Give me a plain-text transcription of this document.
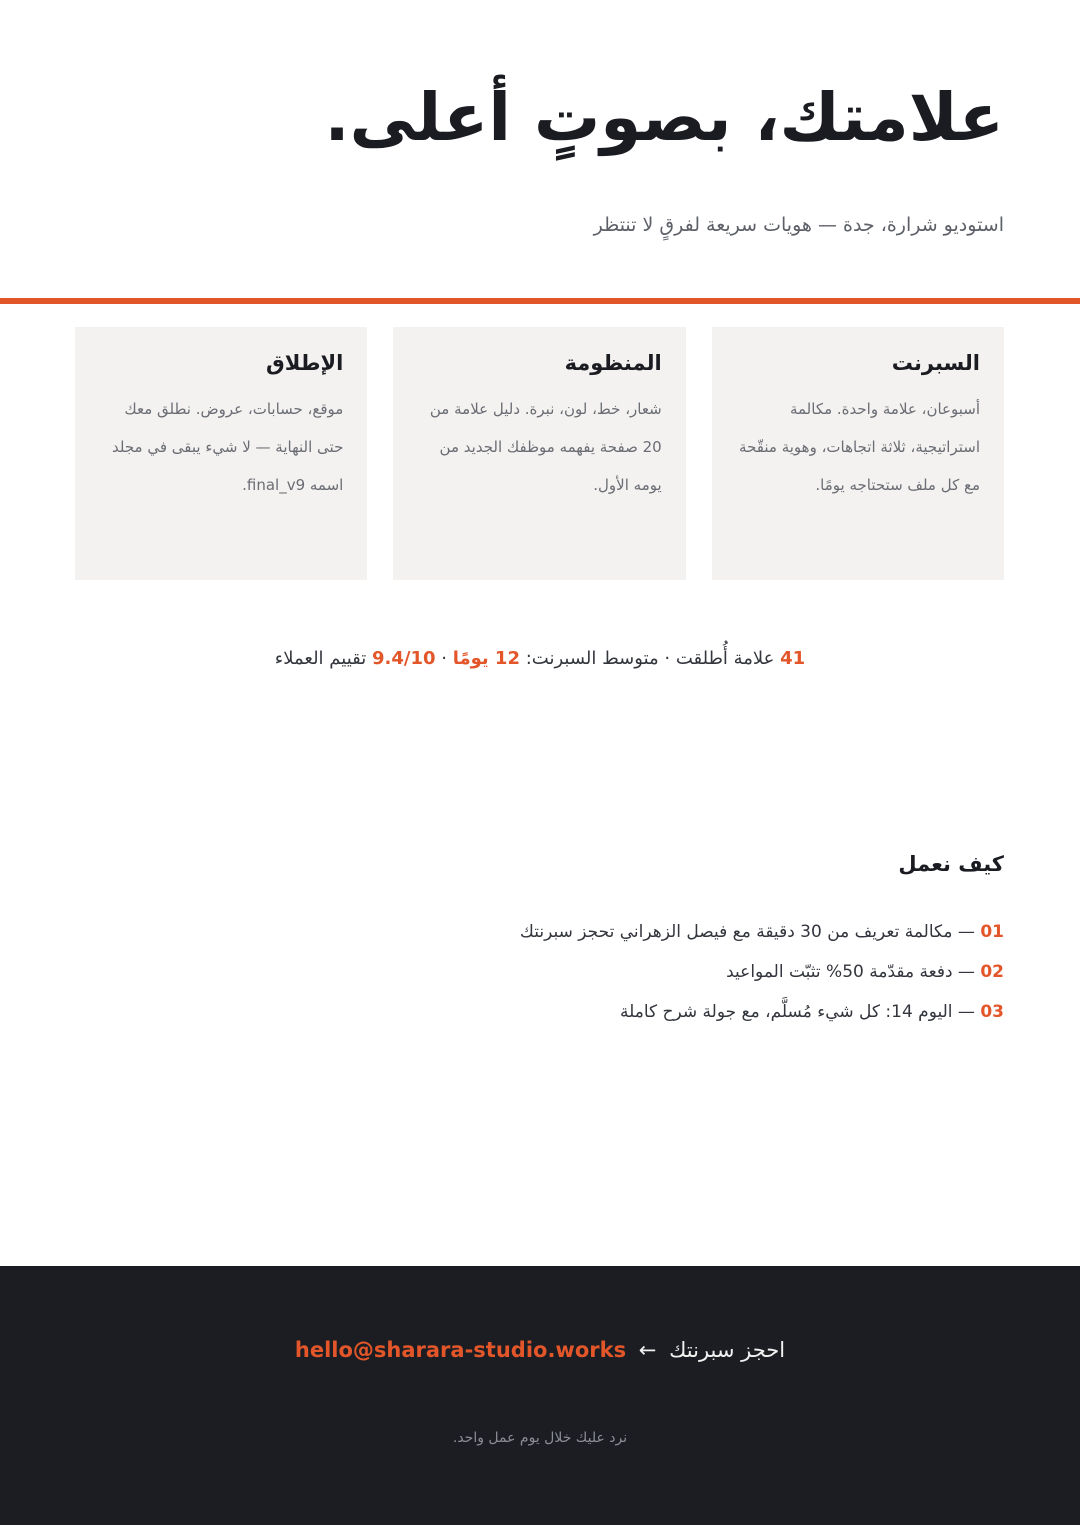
علامتك، بصوتٍ أعلى.

استوديو شرارة، جدة — هويات سريعة لفرقٍ لا تنتظر

السبرنت

أسبوعان، علامة واحدة. مكالمة استراتيجية، ثلاثة اتجاهات، وهوية منقّحة مع كل ملف ستحتاجه يومًا.

المنظومة

شعار، خط، لون، نبرة. دليل علامة من 20 صفحة يفهمه موظفك الجديد من يومه الأول.

الإطلاق

موقع، حسابات، عروض. نطلق معك حتى النهاية — لا شيء يبقى في مجلد اسمه final_v9.

41 علامة أُطلقت · متوسط السبرنت: 12 يومًا · 9.4/10 تقييم العملاء

كيف نعمل
01 — مكالمة تعريف من 30 دقيقة مع فيصل الزهراني تحجز سبرنتك
02 — دفعة مقدّمة 50% تثبّت المواعيد
03 — اليوم 14: كل شيء مُسلَّم، مع جولة شرح كاملة

احجز سبرنتك ← hello@sharara-studio.works

نرد عليك خلال يوم عمل واحد.
